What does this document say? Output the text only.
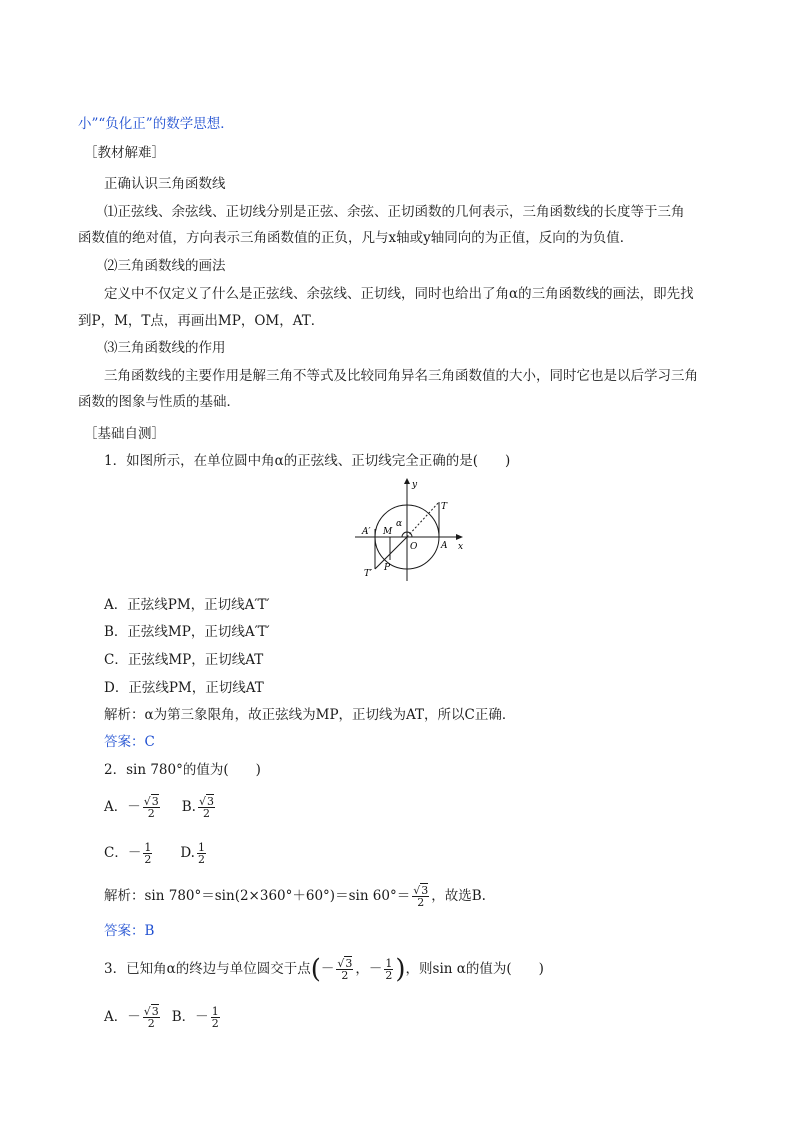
小”“负化正”的数学思想．
［教材解难］
正确认识三角函数线
⑴正弦线、余弦线、正切线分别是正弦、余弦、正切函数的几何表示，三角函数线的长度等于三角
函数值的绝对值，方向表示三角函数值的正负，凡与x轴或y轴同向的为正值，反向的为负值．
⑵三角函数线的画法
定义中不仅定义了什么是正弦线、余弦线、正切线，同时也给出了角α的三角函数线的画法，即先找
到P，M，T点，再画出MP，OM，AT．
⑶三角函数线的作用
三角函数线的主要作用是解三角不等式及比较同角异名三角函数值的大小，同时它也是以后学习三角
函数的图象与性质的基础．
［基础自测］
1．如图所示，在单位圆中角α的正弦线、正切线完全正确的是(　　)
y
x
T
A′ M
α
O	A
T′
P
A．正弦线PM，正切线A′T′
B．正弦线MP，正切线A′T′
C．正弦线MP，正切线AT
D．正弦线PM，正切线AT
解析：α为第三象限角，故正弦线为MP，正切线为AT，所以C正确．
答案：C
2．sin 780°的值为(　　)
A．－ $\frac{√3}{2} B$. $\frac{√3}{2}$
C．－ $\frac{1}{2} D$. $\frac{1}{2}$
解析：sin 780°＝sin(2×360°＋60°)＝sin $60^\circ= \frac{√3}{2}$ ，故选B.
答案：B
3．已知角α的终边与单位圆交于点(－ $\frac{√3}{2}$ ，－ $\frac{1}{2}$ )，则sin α的值为(　　)
A．－ $\frac{√3}{2}$ B．－ $\frac{1}{2}$
